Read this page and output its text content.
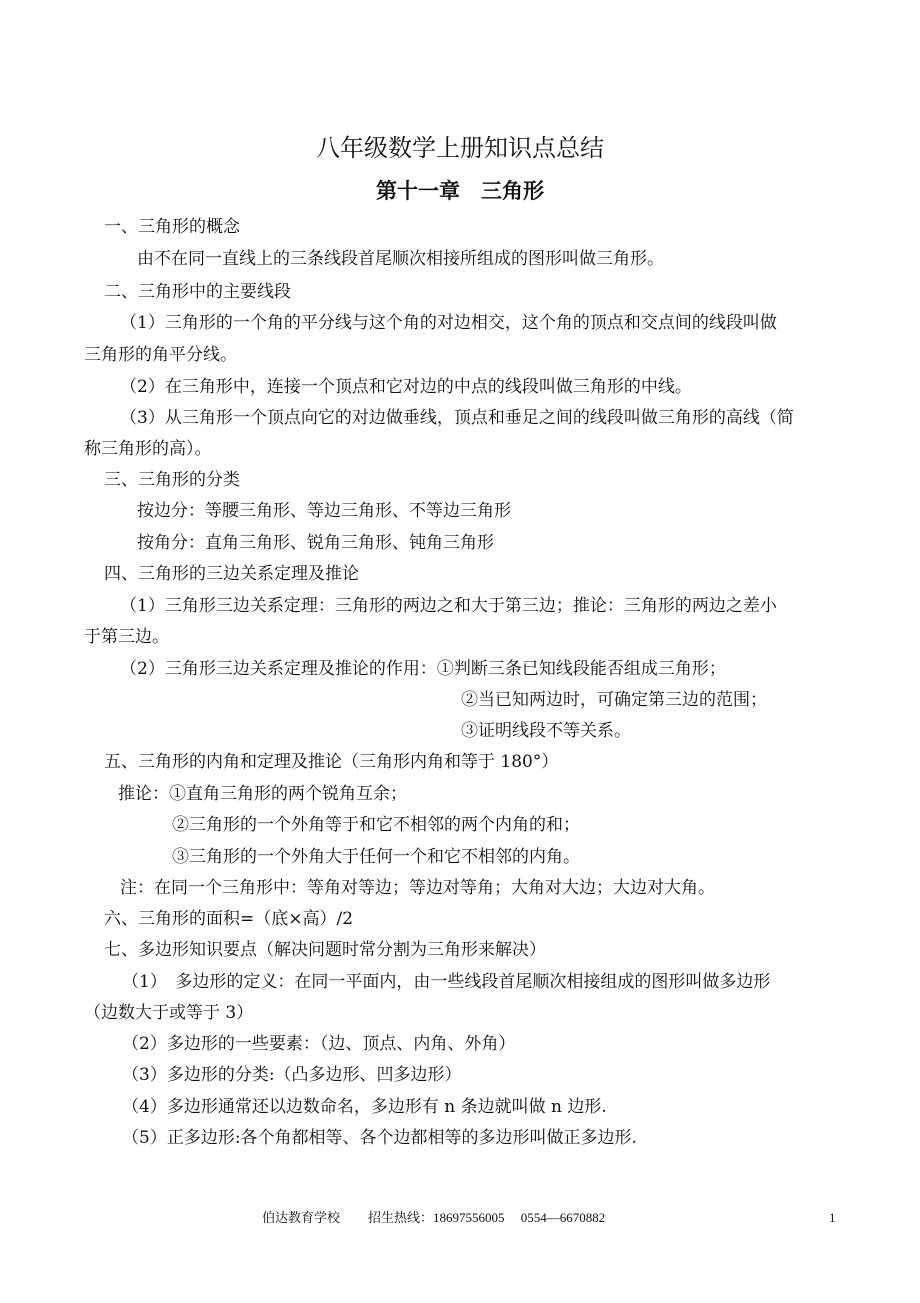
八年级数学上册知识点总结
第十一章　三角形
一、三角形的概念
由不在同一直线上的三条线段首尾顺次相接所组成的图形叫做三角形。
二、三角形中的主要线段
（1）三角形的一个角的平分线与这个角的对边相交，这个角的顶点和交点间的线段叫做
三角形的角平分线。
（2）在三角形中，连接一个顶点和它对边的中点的线段叫做三角形的中线。
（3）从三角形一个顶点向它的对边做垂线，顶点和垂足之间的线段叫做三角形的高线（简
称三角形的高）。
三、三角形的分类
按边分：等腰三角形、等边三角形、不等边三角形
按角分：直角三角形、锐角三角形、钝角三角形
四、三角形的三边关系定理及推论
（1）三角形三边关系定理：三角形的两边之和大于第三边；推论：三角形的两边之差小
于第三边。
（2）三角形三边关系定理及推论的作用：①判断三条已知线段能否组成三角形；
②当已知两边时，可确定第三边的范围；
③证明线段不等关系。
五、三角形的内角和定理及推论（三角形内角和等于 180°）
推论：①直角三角形的两个锐角互余；
②三角形的一个外角等于和它不相邻的两个内角的和；
③三角形的一个外角大于任何一个和它不相邻的内角。
注：在同一个三角形中：等角对等边；等边对等角；大角对大边；大边对大角。
六、三角形的面积=（底×高）/2
七、多边形知识要点（解决问题时常分割为三角形来解决）
（1）　多边形的定义：在同一平面内，由一些线段首尾顺次相接组成的图形叫做多边形
（边数大于或等于 3）
（2）多边形的一些要素：（边、顶点、内角、外角）
（3）多边形的分类:（凸多边形、凹多边形）
（4）多边形通常还以边数命名，多边形有 n 条边就叫做 n 边形.
（5）正多边形:各个角都相等、各个边都相等的多边形叫做正多边形.
伯达教育学校 招生热线：18697556005　 0554—6670882	1
